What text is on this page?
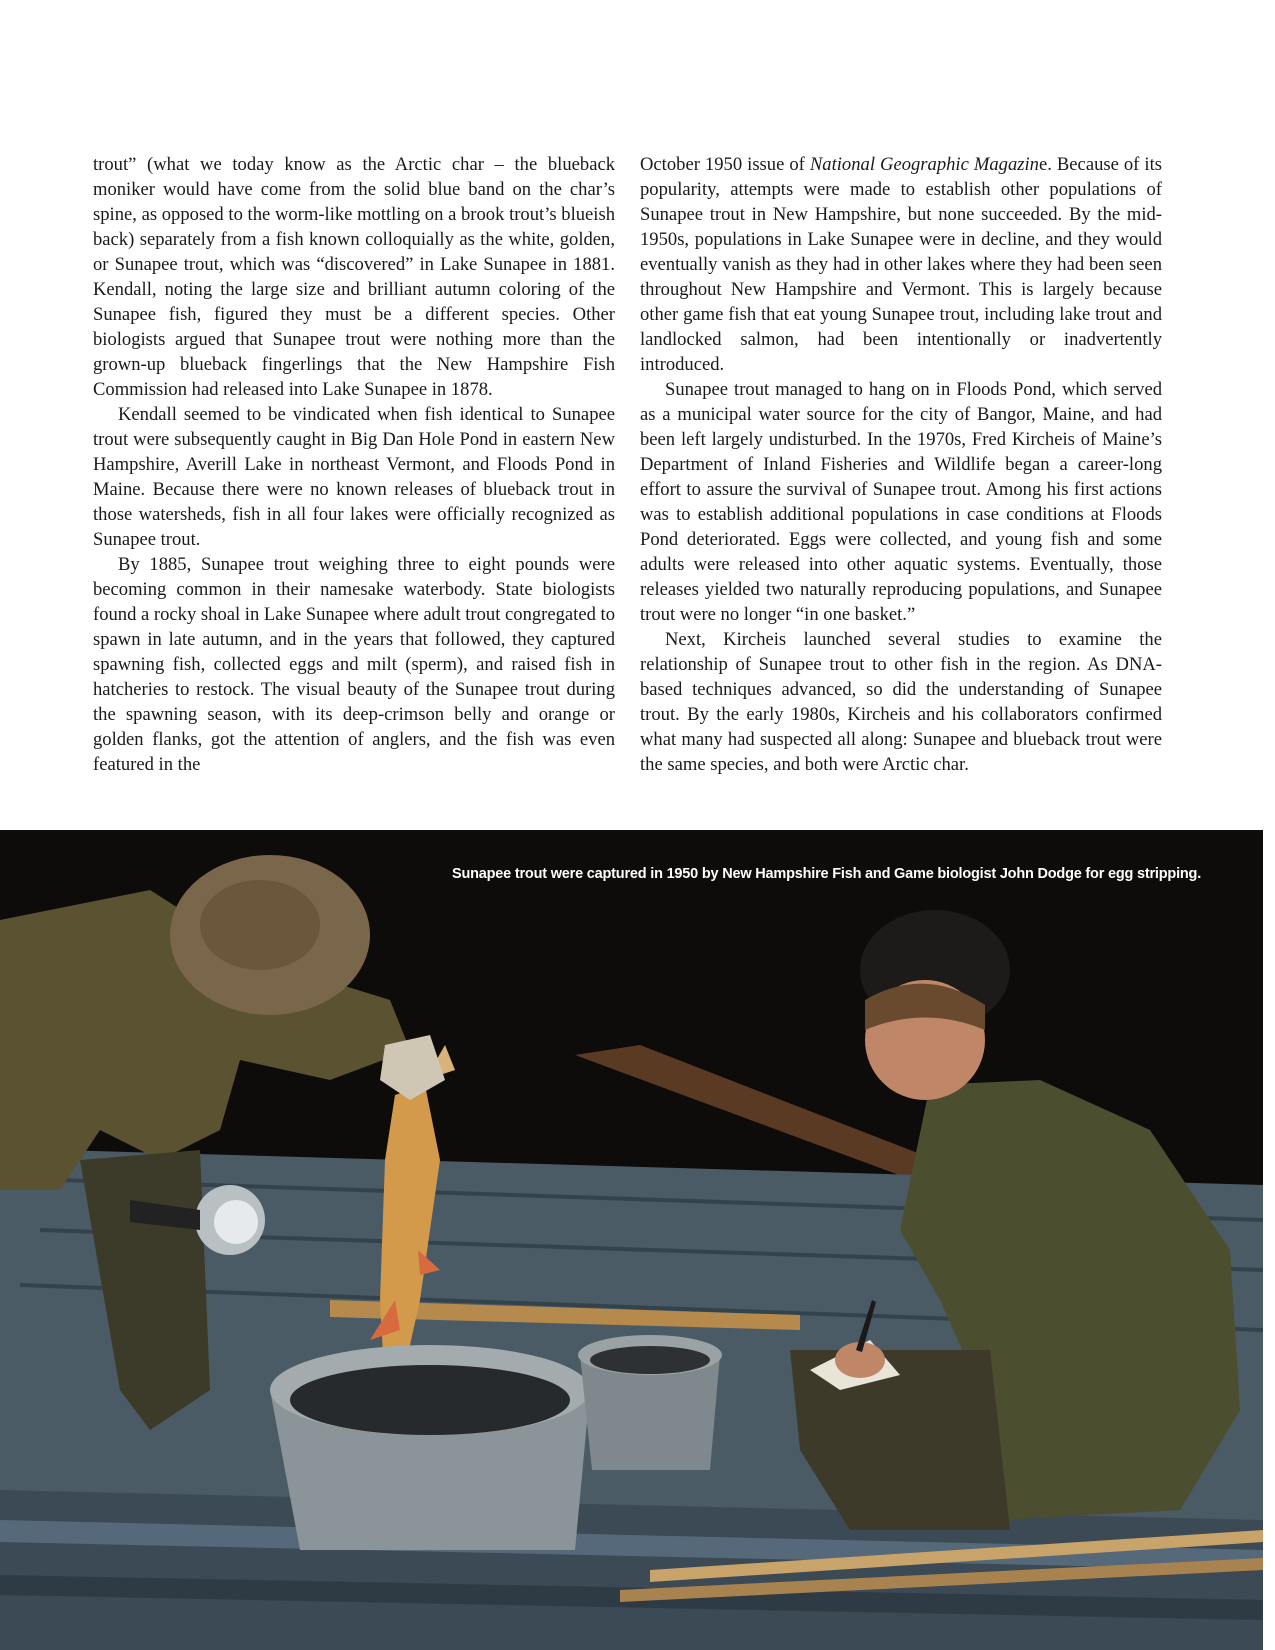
trout” (what we today know as the Arctic char – the blueback moniker would have come from the solid blue band on the char’s spine, as opposed to the worm-like mottling on a brook trout’s blueish back) separately from a fish known colloquially as the white, golden, or Sunapee trout, which was “discovered” in Lake Sunapee in 1881. Kendall, noting the large size and brilliant autumn coloring of the Sunapee fish, figured they must be a different species. Other biologists argued that Sunapee trout were nothing more than the grown-up blueback fingerlings that the New Hampshire Fish Commission had released into Lake Sunapee in 1878.

Kendall seemed to be vindicated when fish identical to Sunapee trout were subsequently caught in Big Dan Hole Pond in eastern New Hampshire, Averill Lake in northeast Vermont, and Floods Pond in Maine. Because there were no known releases of blueback trout in those watersheds, fish in all four lakes were officially recognized as Sunapee trout.

By 1885, Sunapee trout weighing three to eight pounds were becoming common in their namesake waterbody. State biologists found a rocky shoal in Lake Sunapee where adult trout congregated to spawn in late autumn, and in the years that followed, they captured spawning fish, collected eggs and milt (sperm), and raised fish in hatcheries to restock. The visual beauty of the Sunapee trout during the spawning season, with its deep-crimson belly and orange or golden flanks, got the attention of anglers, and the fish was even featured in the

October 1950 issue of National Geographic Magazine. Because of its popularity, attempts were made to establish other populations of Sunapee trout in New Hampshire, but none succeeded. By the mid-1950s, populations in Lake Sunapee were in decline, and they would eventually vanish as they had in other lakes where they had been seen throughout New Hampshire and Vermont. This is largely because other game fish that eat young Sunapee trout, including lake trout and landlocked salmon, had been intentionally or inadvertently introduced.

Sunapee trout managed to hang on in Floods Pond, which served as a municipal water source for the city of Bangor, Maine, and had been left largely undisturbed. In the 1970s, Fred Kircheis of Maine’s Department of Inland Fisheries and Wildlife began a career-long effort to assure the survival of Sunapee trout. Among his first actions was to establish additional populations in case conditions at Floods Pond deteriorated. Eggs were collected, and young fish and some adults were released into other aquatic systems. Eventually, those releases yielded two naturally reproducing populations, and Sunapee trout were no longer “in one basket.”

Next, Kircheis launched several studies to examine the relationship of Sunapee trout to other fish in the region. As DNA-based techniques advanced, so did the understanding of Sunapee trout. By the early 1980s, Kircheis and his collaborators confirmed what many had suspected all along: Sunapee and blueback trout were the same species, and both were Arctic char.

Sunapee trout were captured in 1950 by New Hampshire Fish and Game biologist John Dodge for egg stripping.
